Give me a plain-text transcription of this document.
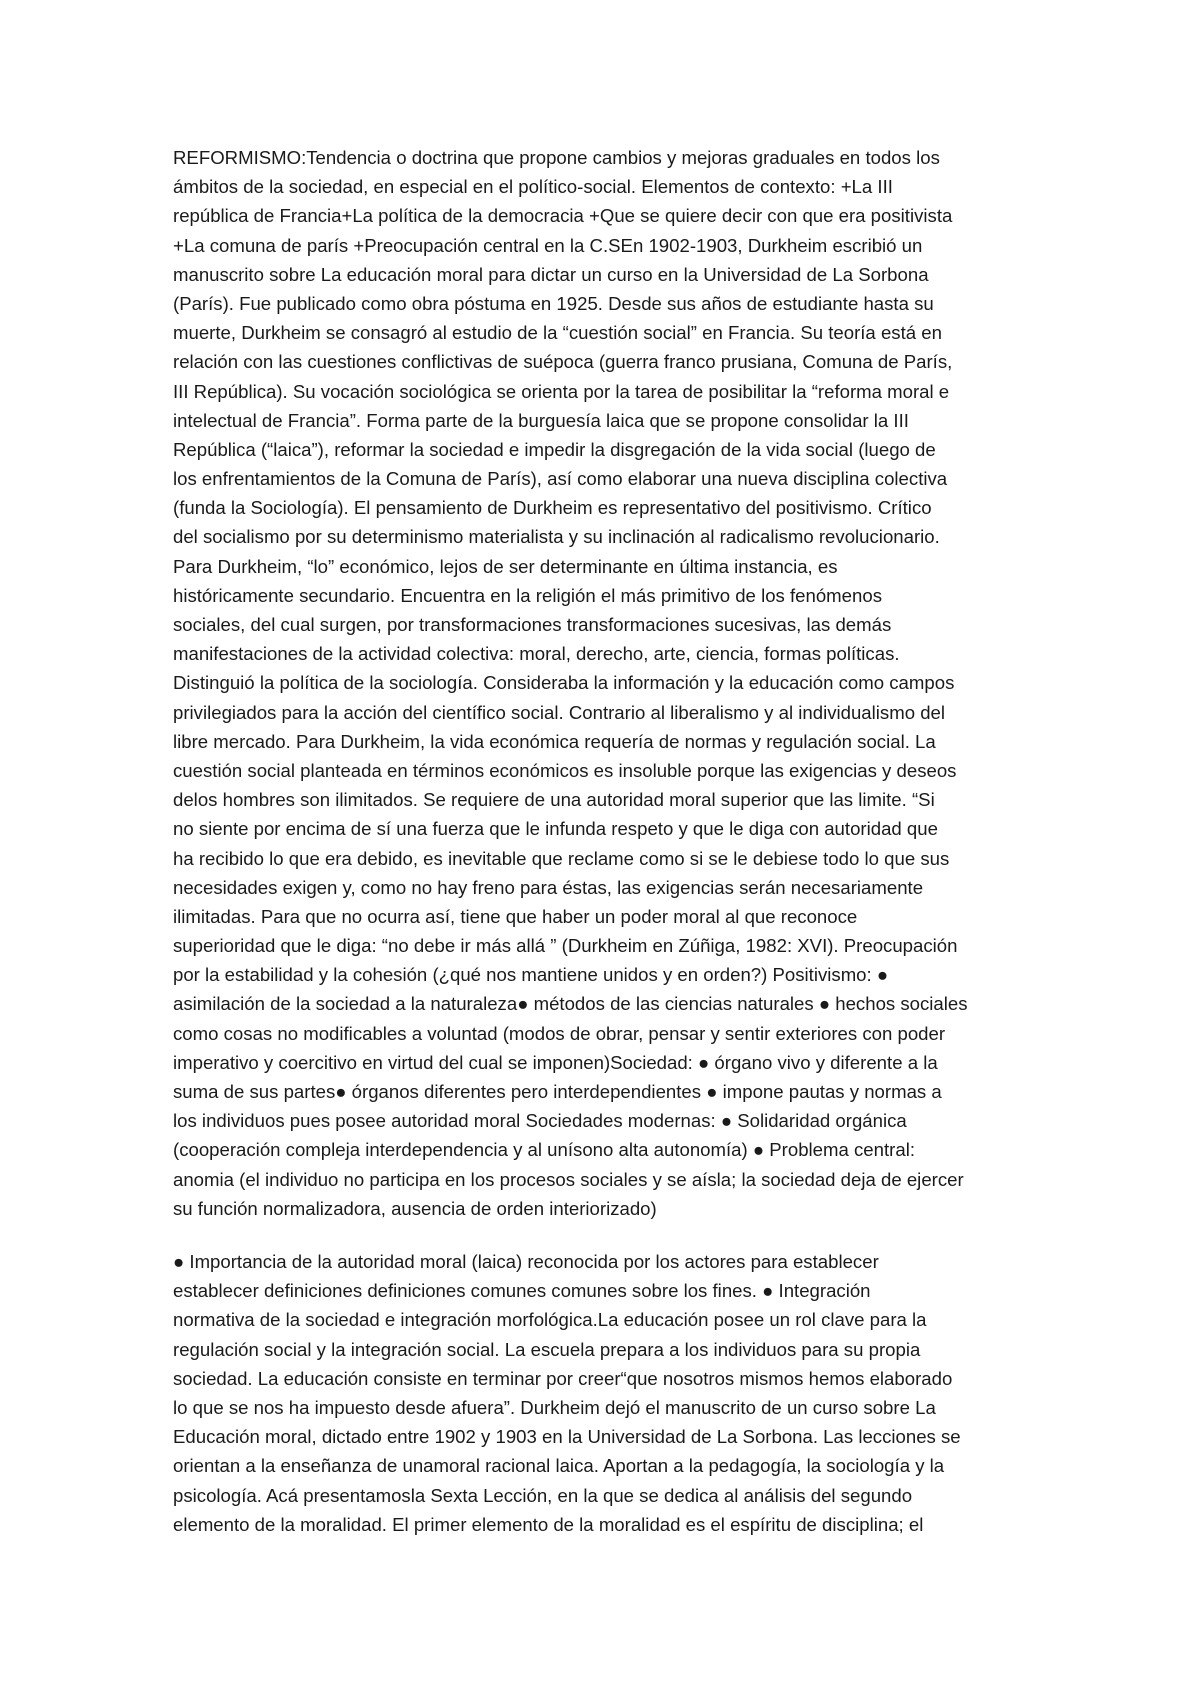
REFORMISMO:Tendencia o doctrina que propone cambios y mejoras graduales en todos los
ámbitos de la sociedad, en especial en el político-social. Elementos de contexto: +La III
república de Francia+La política de la democracia +Que se quiere decir con que era positivista
+La comuna de parís +Preocupación central en la C.SEn 1902-1903, Durkheim escribió un
manuscrito sobre La educación moral para dictar un curso en la Universidad de La Sorbona
(París). Fue publicado como obra póstuma en 1925. Desde sus años de estudiante hasta su
muerte, Durkheim se consagró al estudio de la “cuestión social” en Francia. Su teoría está en
relación con las cuestiones conflictivas de suépoca (guerra franco prusiana, Comuna de París,
III República). Su vocación sociológica se orienta por la tarea de posibilitar la “reforma moral e
intelectual de Francia”. Forma parte de la burguesía laica que se propone consolidar la III
República (“laica”), reformar la sociedad e impedir la disgregación de la vida social (luego de
los enfrentamientos de la Comuna de París), así como elaborar una nueva disciplina colectiva
(funda la Sociología). El pensamiento de Durkheim es representativo del positivismo. Crítico
del socialismo por su determinismo materialista y su inclinación al radicalismo revolucionario.
Para Durkheim, “lo” económico, lejos de ser determinante en última instancia, es
históricamente secundario. Encuentra en la religión el más primitivo de los fenómenos
sociales, del cual surgen, por transformaciones transformaciones sucesivas, las demás
manifestaciones de la actividad colectiva: moral, derecho, arte, ciencia, formas políticas.
Distinguió la política de la sociología. Consideraba la información y la educación como campos
privilegiados para la acción del científico social. Contrario al liberalismo y al individualismo del
libre mercado. Para Durkheim, la vida económica requería de normas y regulación social. La
cuestión social planteada en términos económicos es insoluble porque las exigencias y deseos
delos hombres son ilimitados. Se requiere de una autoridad moral superior que las limite. “Si
no siente por encima de sí una fuerza que le infunda respeto y que le diga con autoridad que
ha recibido lo que era debido, es inevitable que reclame como si se le debiese todo lo que sus
necesidades exigen y, como no hay freno para éstas, las exigencias serán necesariamente
ilimitadas. Para que no ocurra así, tiene que haber un poder moral al que reconoce
superioridad que le diga: “no debe ir más allá ” (Durkheim en Zúñiga, 1982: XVI). Preocupación
por la estabilidad y la cohesión (¿qué nos mantiene unidos y en orden?) Positivismo: ●
asimilación de la sociedad a la naturaleza● métodos de las ciencias naturales ● hechos sociales
como cosas no modificables a voluntad (modos de obrar, pensar y sentir exteriores con poder
imperativo y coercitivo en virtud del cual se imponen)Sociedad: ● órgano vivo y diferente a la
suma de sus partes● órganos diferentes pero interdependientes ● impone pautas y normas a
los individuos pues posee autoridad moral Sociedades modernas: ● Solidaridad orgánica
(cooperación compleja interdependencia y al unísono alta autonomía) ● Problema central:
anomia (el individuo no participa en los procesos sociales y se aísla; la sociedad deja de ejercer
su función normalizadora, ausencia de orden interiorizado)
● Importancia de la autoridad moral (laica) reconocida por los actores para establecer
establecer definiciones definiciones comunes comunes sobre los fines. ● Integración
normativa de la sociedad e integración morfológica.La educación posee un rol clave para la
regulación social y la integración social. La escuela prepara a los individuos para su propia
sociedad. La educación consiste en terminar por creer“que nosotros mismos hemos elaborado
lo que se nos ha impuesto desde afuera”. Durkheim dejó el manuscrito de un curso sobre La
Educación moral, dictado entre 1902 y 1903 en la Universidad de La Sorbona. Las lecciones se
orientan a la enseñanza de unamoral racional laica. Aportan a la pedagogía, la sociología y la
psicología. Acá presentamosla Sexta Lección, en la que se dedica al análisis del segundo
elemento de la moralidad. El primer elemento de la moralidad es el espíritu de disciplina; el
